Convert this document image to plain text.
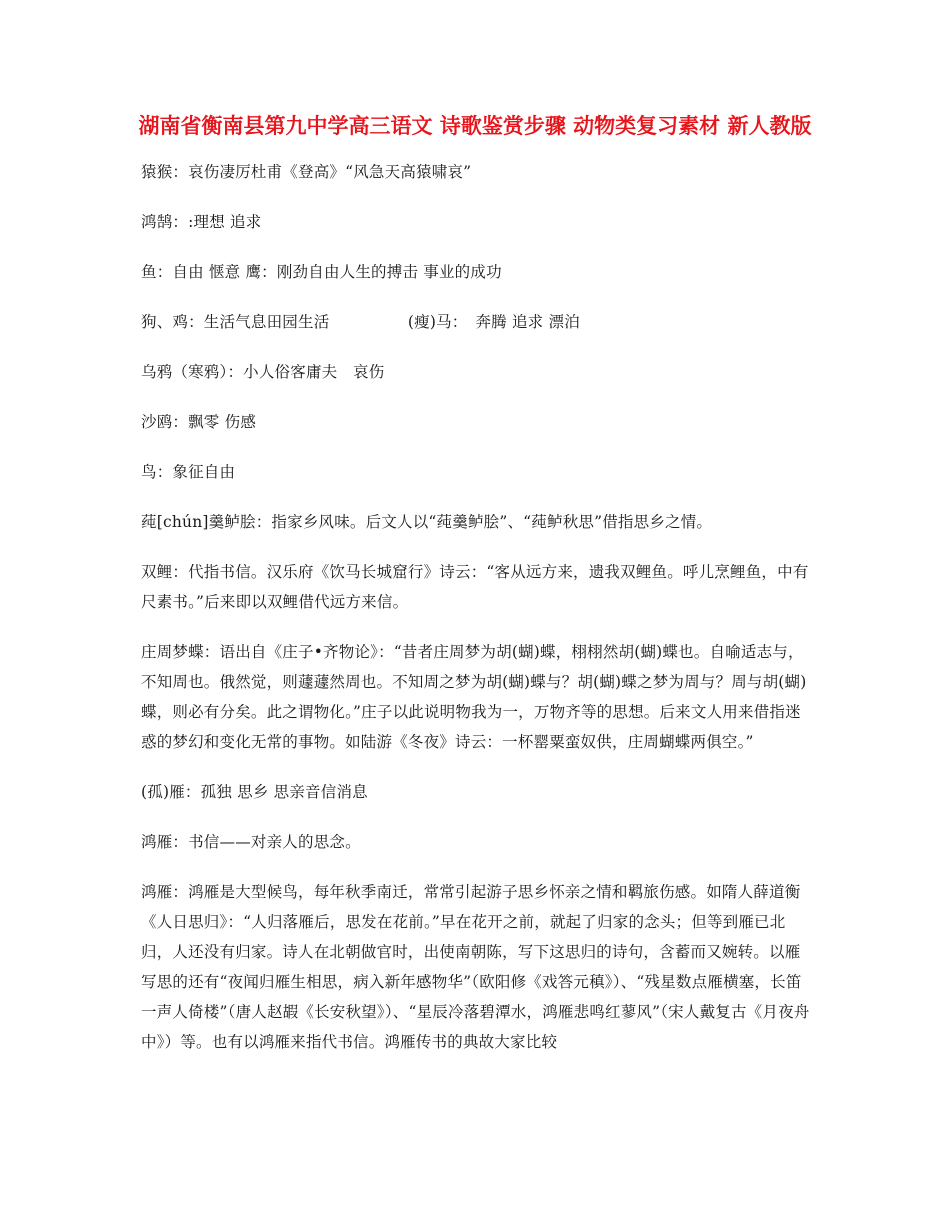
湖南省衡南县第九中学高三语文 诗歌鉴赏步骤 动物类复习素材 新人教版

猿猴：哀伤凄厉杜甫《登高》“风急天高猿啸哀”

鸿鹄：:理想 追求

鱼：自由 惬意 鹰：刚劲自由人生的搏击 事业的成功

狗、鸡：生活气息田园生活　　　　　(瘦)马：　奔腾 追求 漂泊

乌鸦（寒鸦）：小人俗客庸夫　哀伤

沙鸥：飘零 伤感

鸟：象征自由

莼[chún]羹鲈脍：指家乡风味。后文人以“莼羹鲈脍”、“莼鲈秋思”借指思乡之情。

双鲤：代指书信。汉乐府《饮马长城窟行》诗云：“客从远方来，遗我双鲤鱼。呼儿烹鲤鱼，中有尺素书。”后来即以双鲤借代远方来信。

庄周梦蝶：语出自《庄子•齐物论》：“昔者庄周梦为胡(蝴)蝶，栩栩然胡(蝴)蝶也。自喻适志与，不知周也。俄然觉，则蘧蘧然周也。不知周之梦为胡(蝴)蝶与？胡(蝴)蝶之梦为周与？周与胡(蝴)蝶，则必有分矣。此之谓物化。”庄子以此说明物我为一，万物齐等的思想。后来文人用来借指迷惑的梦幻和变化无常的事物。如陆游《冬夜》诗云：一杯罂粟蛮奴供，庄周蝴蝶两俱空。”

(孤)雁：孤独 思乡 思亲音信消息

鸿雁：书信——对亲人的思念。

鸿雁：鸿雁是大型候鸟，每年秋季南迁，常常引起游子思乡怀亲之情和羁旅伤感。如隋人薛道衡《人日思归》：“人归落雁后，思发在花前。”早在花开之前，就起了归家的念头；但等到雁已北归，人还没有归家。诗人在北朝做官时，出使南朝陈，写下这思归的诗句，含蓄而又婉转。以雁写思的还有“夜闻归雁生相思，病入新年感物华”（欧阳修《戏答元稹》）、“残星数点雁横塞，长笛一声人倚楼”（唐人赵嘏《长安秋望》）、“星辰冷落碧潭水，鸿雁悲鸣红蓼风”（宋人戴复古《月夜舟中》）等。也有以鸿雁来指代书信。鸿雁传书的典故大家比较
